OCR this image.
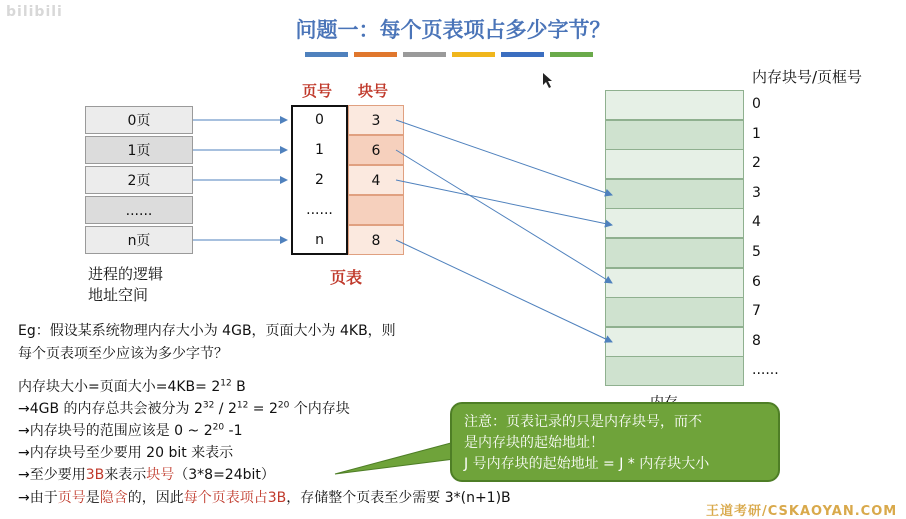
bilibili
问题一：每个页表项占多少字节？
0页
1页
2页
......
n页
进程的逻辑
地址空间
页号 块号
0
1
2
......
n
3
6
4
8
页表
内存块号/页框号
0
1
2
3
4
5
6
7
8
......
Eg：假设某系统物理内存大小为 4GB，页面大小为 4KB，则
每个页表项至少应该为多少字节？
内存块大小=页面大小$=4KB= 2^{12}$ B
→4GB 的内存总共会被分为 $2^{32} / 2^{12} = 2^{20}$ 个内存块
→内存块号的范围应该是 0 ~ $2^{20}$ -1
→内存块号至少要用 20 bit 来表示
→至少要用3B来表示块号（3*8=24bit）
→由于页号是隐含的，因此每个页表项占3B，存储整个页表至少需要 3*(n+1)B
注意：页表记录的只是内存块号，而不
是内存块的起始地址！
J 号内存块的起始地址 = J * 内存块大小
王道考研/CSKAOYAN.COM
